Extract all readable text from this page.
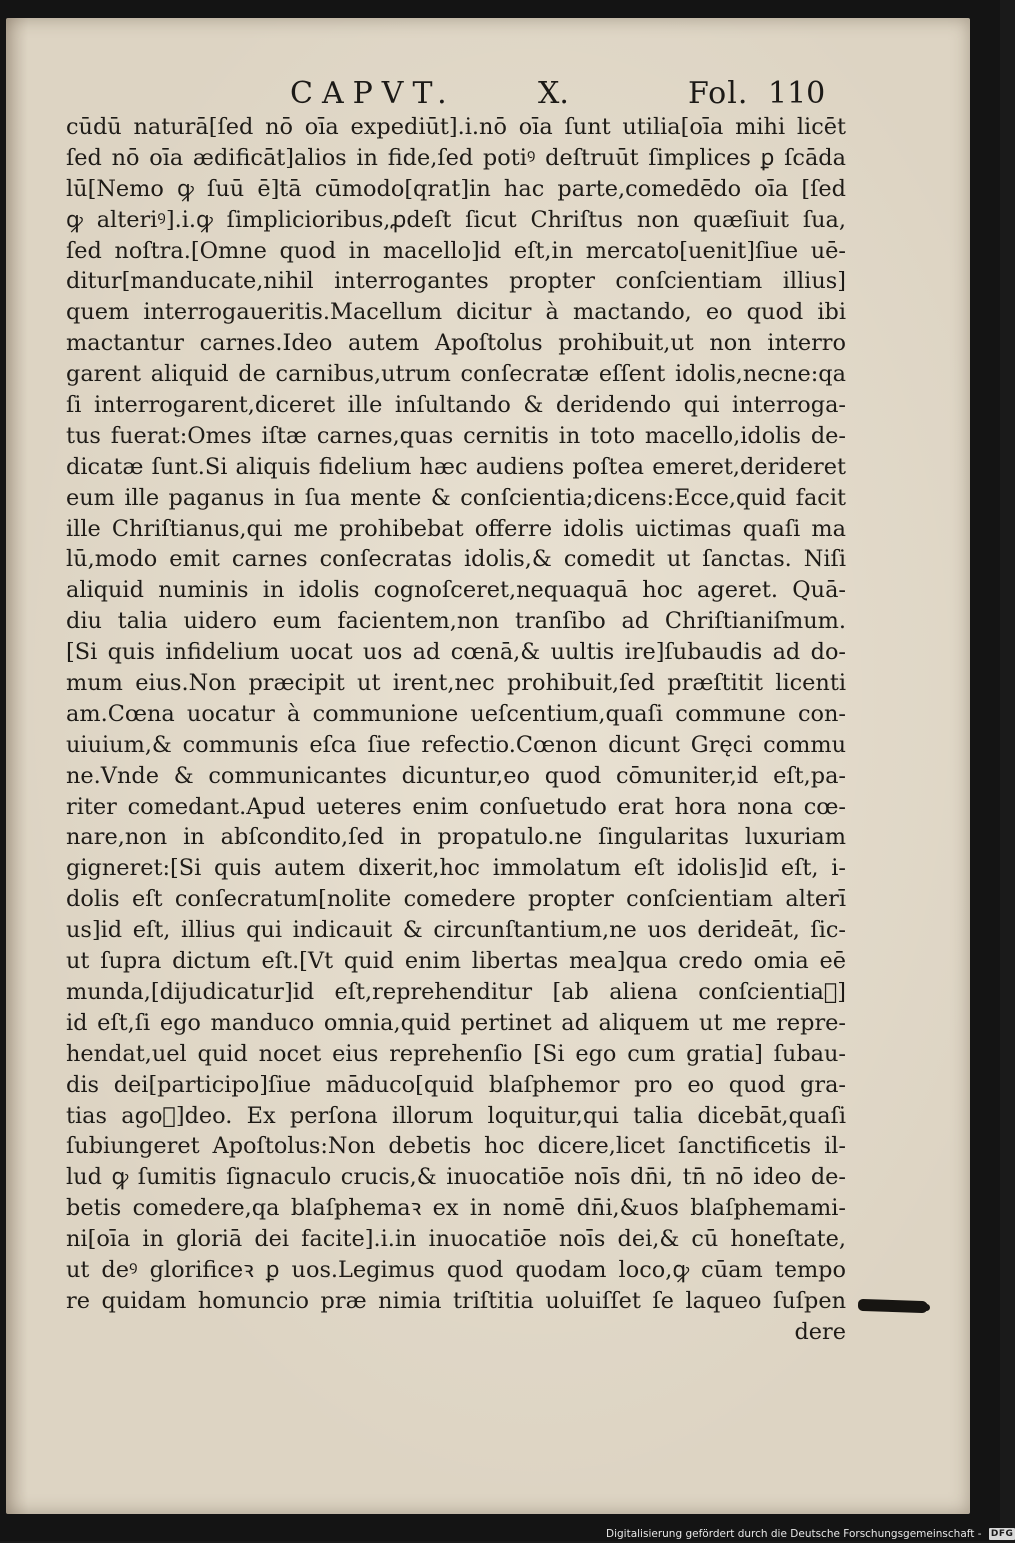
CAPVT.	X.	Fol. 110
cūdū naturā[ſed nō oīa expediūt].i.nō oīa ſunt utilia[oīa mihi licēt
ſed nō oīa ædificāt]alios in fide,ſed potiꝰ deſtruūt ſimplices ꝑ ſcāda
lū[Nemo ꝙ ſuū ē]tā cūmodo[qrat]in hac parte,comedēdo oīa [ſed
ꝙ alteriꝰ].i.ꝙ ſimplicioribus,ꝓdeſt ſicut Chriſtus non quæſiuit ſua,
ſed noſtra.[Omne quod in macello]id eſt,in mercato[uenit]ſiue uē-
ditur[manducate,nihil interrogantes propter conſcientiam illius]
quem interrogaueritis.Macellum dicitur à mactando, eo quod ibi
mactantur carnes.Ideo autem Apoſtolus prohibuit,ut non interro
garent aliquid de carnibus,utrum conſecratæ eſſent idolis,necne:qa
ſi interrogarent,diceret ille inſultando & deridendo qui interroga-
tus fuerat:Omes iſtæ carnes,quas cernitis in toto macello,idolis de-
dicatæ ſunt.Si aliquis fidelium hæc audiens poſtea emeret,derideret
eum ille paganus in ſua mente & conſcientia;dicens:Ecce,quid facit
ille Chriſtianus,qui me prohibebat offerre idolis uictimas quaſi ma
lū,modo emit carnes conſecratas idolis,& comedit ut ſanctas. Niſi
aliquid numinis in idolis cognoſceret,nequaquā hoc ageret. Quā-
diu talia uidero eum facientem,non tranſibo ad Chriſtianiſmum.
[Si quis infidelium uocat uos ad cœnā,& uultis ire]ſubaudis ad do-
mum eius.Non præcipit ut irent,nec prohibuit,ſed præſtitit licenti
am.Cœna uocatur à communione ueſcentium,quaſi commune con-
uiuium,& communis eſca ſiue refectio.Cœnon dicunt Gręci commu
ne.Vnde & communicantes dicuntur,eo quod cōmuniter,id eſt,pa-
riter comedant.Apud ueteres enim conſuetudo erat hora nona cœ-
nare,non in abſcondito,ſed in propatulo.ne ſingularitas luxuriam
gigneret:[Si quis autem dixerit,hoc immolatum eſt idolis]id eſt, i-
dolis eſt conſecratum[nolite comedere propter conſcientiam alterī
us]id eſt, illius qui indicauit & circunſtantium,ne uos derideāt, ſic-
ut ſupra dictum eſt.[Vt quid enim libertas mea]qua credo omia eē
munda,[dijudicatur]id eſt,reprehenditur [ab aliena conſcientiaᷓ]
id eſt,ſi ego manduco omnia,quid pertinet ad aliquem ut me repre-
hendat,uel quid nocet eius reprehenſio [Si ego cum gratia] ſubau-
dis dei[participo]ſiue māduco[quid blaſphemor pro eo quod gra-
tias agoᷓ]deo. Ex perſona illorum loquitur,qui talia dicebāt,quaſi
ſubiungeret Apoſtolus:Non debetis hoc dicere,licet ſanctificetis il-
lud ꝙ ſumitis ſignaculo crucis,& inuocatiōe noīs dn̄i, tn̄ nō ideo de-
betis comedere,qa blaſphemaꝛ ex in nomē dn̄i,&uos blaſphemami-
ni[oīa in gloriā dei facite].i.in inuocatiōe noīs dei,& cū honeſtate,
ut deꝰ glorificeꝛ ꝑ uos.Legimus quod quodam loco,ꝙ cūam tempo
re quidam homuncio præ nimia triſtitia uoluiſſet ſe laqueo ſuſpen
dere
Digitalisierung gefördert durch die Deutsche Forschungsgemeinschaft - DFG
